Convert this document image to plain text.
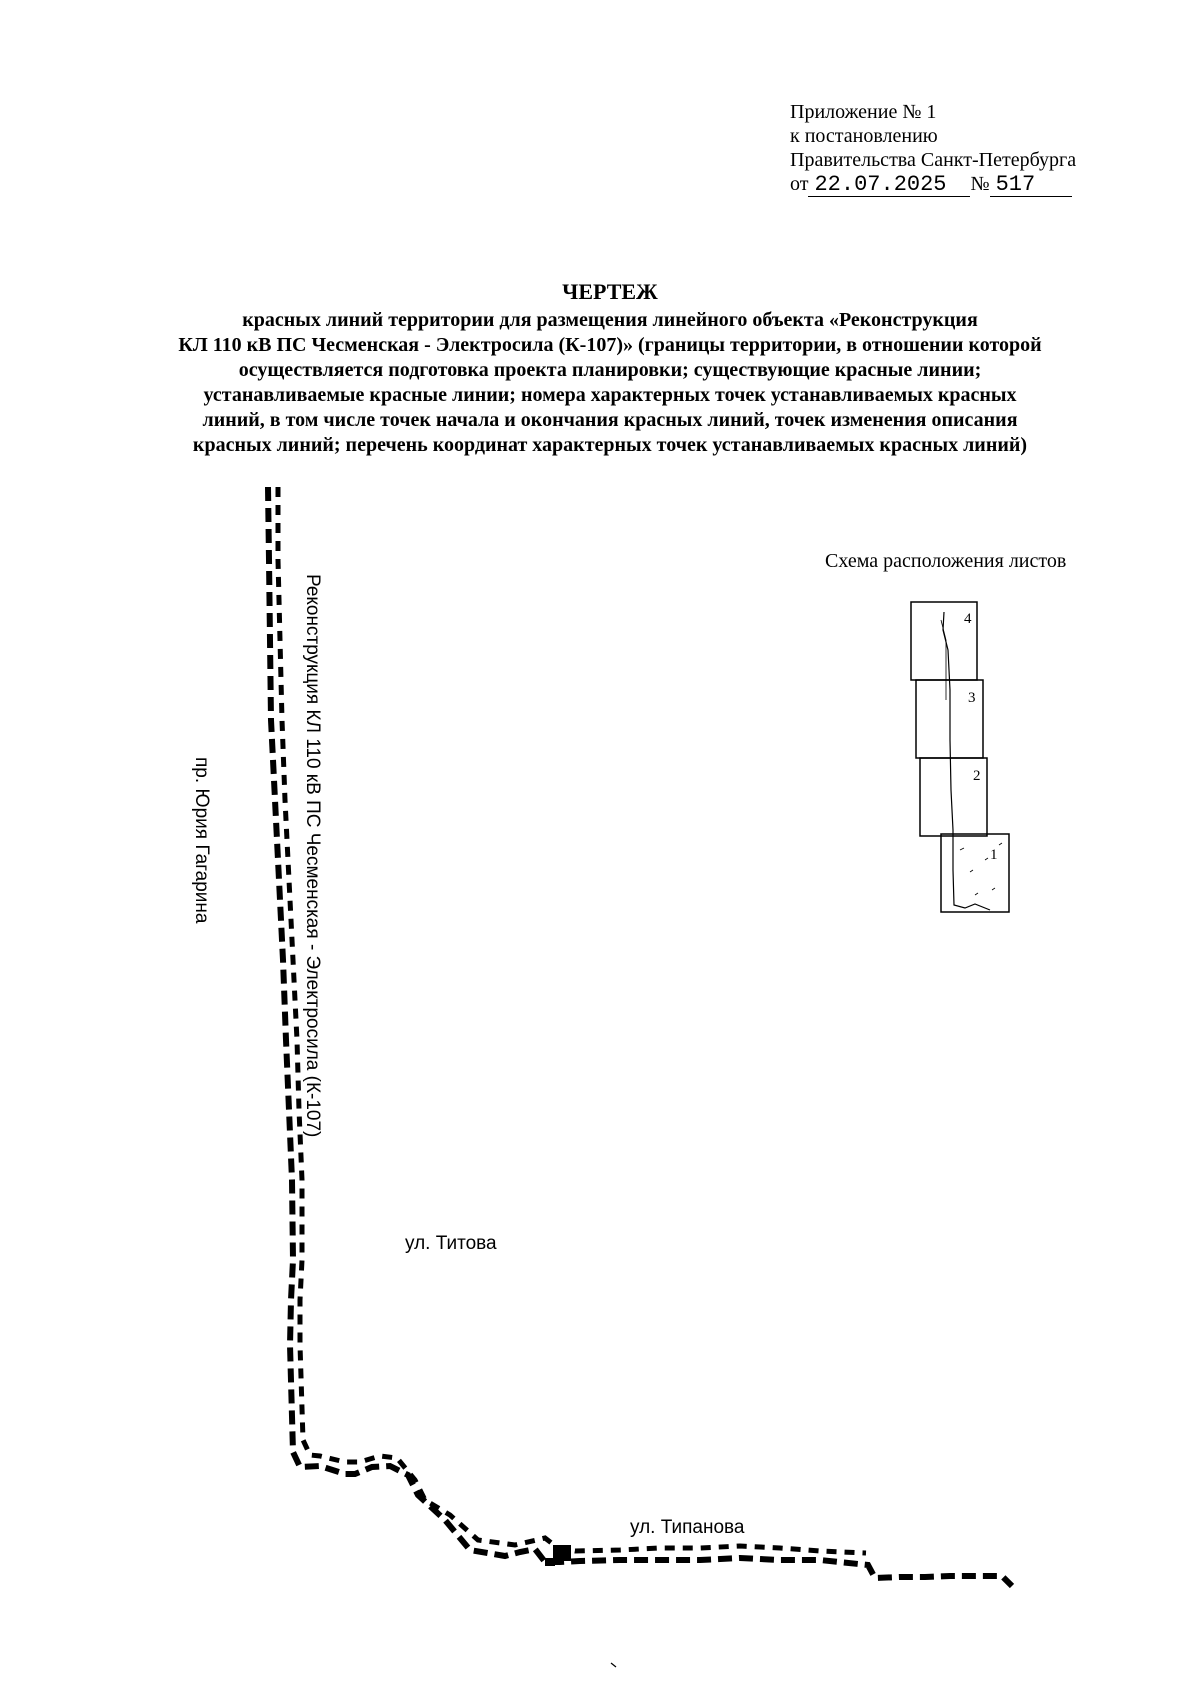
Приложение № 1
к постановлению
Правительства Санкт-Петербурга
от 22.07.2025 № 517
ЧЕРТЕЖ
красных линий территории для размещения линейного объекта «Реконструкция
КЛ 110 кВ ПС Чесменская - Электросила (К-107)» (границы территории, в отношении которой
осуществляется подготовка проекта планировки; существующие красные линии;
устанавливаемые красные линии; номера характерных точек устанавливаемых красных
линий, в том числе точек начала и окончания красных линий, точек изменения описания
красных линий; перечень координат характерных точек устанавливаемых красных линий)
Реконструкция КЛ 110 кВ ПС Чесменская - Электросила (К-107)
пр. Юрия Гагарина
ул. Титова
ул. Типанова
Схема расположения листов
4
3
2
1
